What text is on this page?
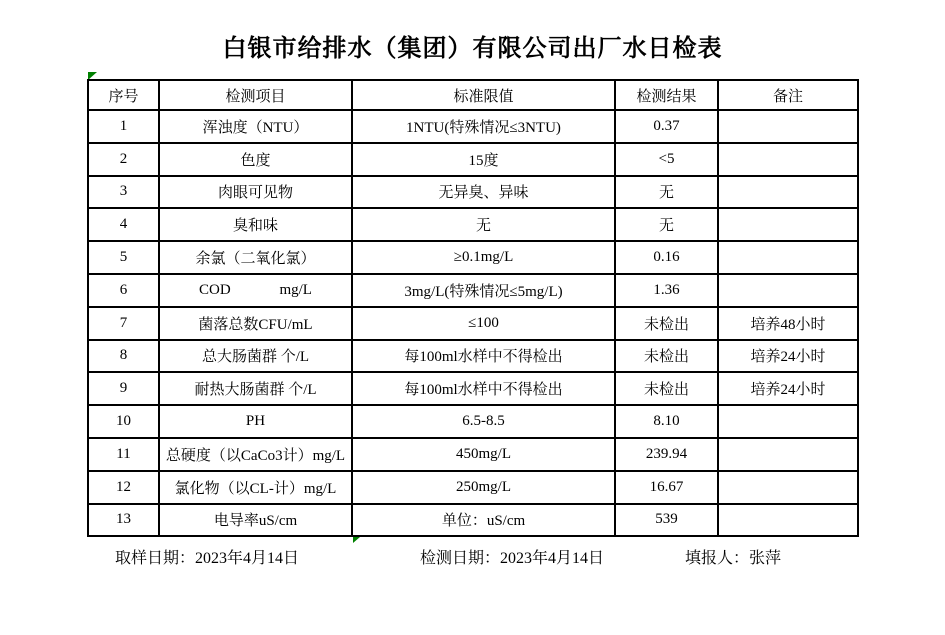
白银市给排水（集团）有限公司出厂水日检表
序号	检测项目	标准限值	检测结果	备注
1	浑浊度（NTU）	1NTU(特殊情况≤3NTU)	0.37	
2	色度	15度	<5	
3	肉眼可见物	无异臭、异味	无	
4	臭和味	无	无	
5	余氯（二氧化氯）	≥0.1mg/L	0.16	
6	COD             mg/L	3mg/L(特殊情况≤5mg/L)	1.36	
7	菌落总数CFU/mL	≤100	未检出	培养48小时
8	总大肠菌群 个/L	每100ml水样中不得检出	未检出	培养24小时
9	耐热大肠菌群 个/L	每100ml水样中不得检出	未检出	培养24小时
10	PH	6.5-8.5	8.10	
11	总硬度（以CaCo3计）mg/L	450mg/L	239.94	
12	氯化物（以CL-计）mg/L	250mg/L	16.67	
13	电导率uS/cm	单位：uS/cm	539	
取样日期：2023年4月14日	检测日期：2023年4月14日	填报人：张萍
